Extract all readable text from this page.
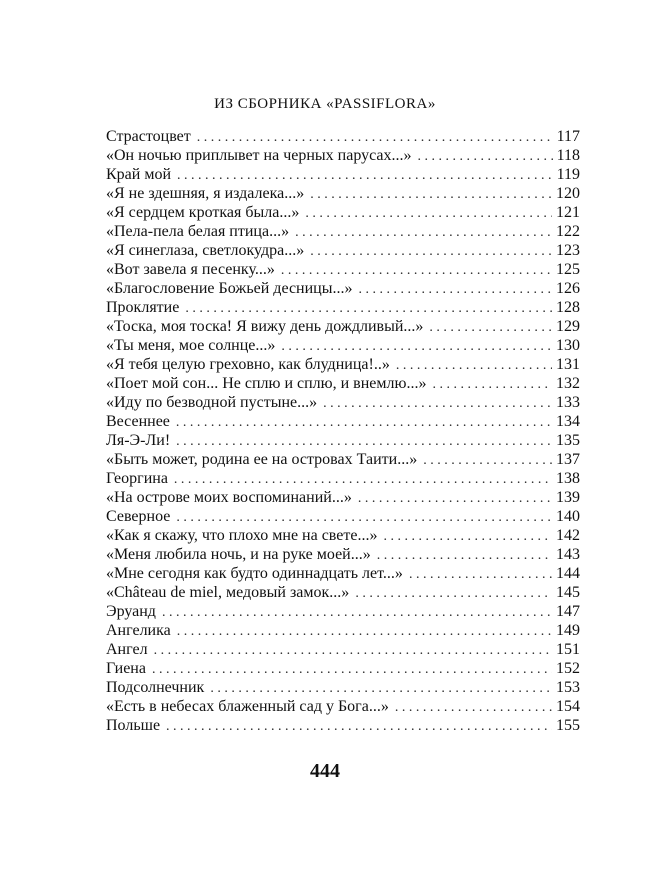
ИЗ СБОРНИКА «PASSIFLORA»
Страстоцвет . . .	117
«Он ночью приплывет на черных парусах...» . . .	118
Край мой . . .	119
«Я не здешняя, я издалека...» . . .	120
«Я сердцем кроткая была...» . . .	121
«Пела-пела белая птица...» . . .	122
«Я синеглаза, светлокудра...» . . .	123
«Вот завела я песенку...» . . .	125
«Благословение Божьей десницы...» . . .	126
Проклятие . . .	128
«Тоска, моя тоска! Я вижу день дождливый...» . . .	129
«Ты меня, мое солнце...» . . .	130
«Я тебя целую греховно, как блудница!..» . . .	131
«Поет мой сон... Не сплю и сплю, и внемлю...» . . .	132
«Иду по безводной пустыне...» . . .	133
Весеннее . . .	134
Ля-Э-Ли! . . .	135
«Быть может, родина ее на островах Таити...» . . .	137
Георгина . . .	138
«На острове моих воспоминаний...» . . .	139
Северное . . .	140
«Как я скажу, что плохо мне на свете...» . . .	142
«Меня любила ночь, и на руке моей...» . . .	143
«Мне сегодня как будто одиннадцать лет...» . . .	144
«Château de miel, медовый замок...» . . .	145
Эруанд . . .	147
Ангелика . . .	149
Ангел . . .	151
Гиена . . .	152
Подсолнечник . . .	153
«Есть в небесах блаженный сад у Бога...» . . .	154
Польше . . .	155
444
